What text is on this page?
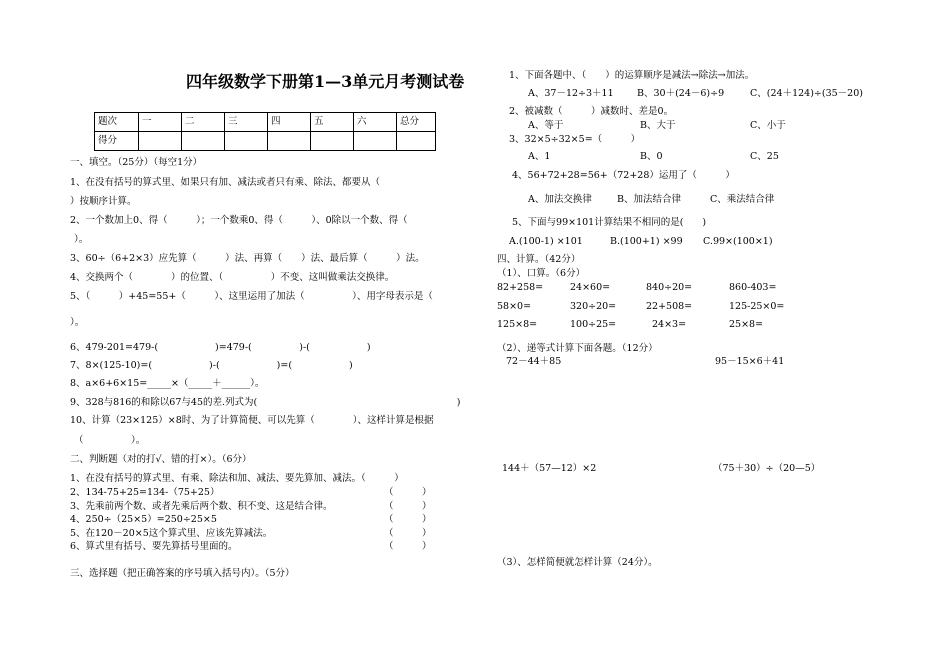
四年级数学下册第1—3单元月考测试卷
题次	一	二	三	四	五	六	总分
得分							
一、填空。（25分）（每空1分）
1、在没有括号的算式里、如果只有加、减法或者只有乘、除法、都要从（
）按顺序计算。
2、一个数加上0、得（　　　）；一个数乘0、得（　　　）、0除以一个数、得（
）。
3、60÷（6+2×3）应先算（　　　）法、再算（　　）法、最后算（　　　）法。
4、交换两个（　　　　）的位置、（　　　　　）不变、这叫做乘法交换律。
5、（　　　）+45=55+（　　　）、这里运用了加法（　　　　　）、用字母表示是（
）。
6、479-201=479-(　　　　　　)=479-(　　　　　)-(　　　　　　)
7、8×(125-10)=(　　　　　　)-(　　　　　　)=(　　　　　　)
8、a×6+6×15=_____×（_____＋______）。
9、328与816的和除以67与45的差.列式为(　　　　　　　　　　　　　　　　　　　　　)
10、计算（23×125）×8时、为了计算简便、可以先算（　　　　）、这样计算是根据
（　　　　　）。
二、判断题（对的打√、错的打×）。（6分）
1、在没有括号的算式里、有乘、除法和加、减法、要先算加、减法。（　　　）
2、134-75+25=134-（75+25）	（　　　）
3、先乘前两个数、或者先乘后两个数、积不变、这是结合律。	（　　　）
4、250÷（25×5）=250÷25×5	（　　　）
5、在120－20×5这个算式里、应该先算减法。	（　　　）
6、算式里有括号、要先算括号里面的。	（　　　）
三、选择题（把正确答案的序号填入括号内）。（5分）
1、下面各题中、（　　）的运算顺序是减法→除法→加法。
A、37－12÷3＋11 B、30＋(24－6)÷9	C、(24＋124)÷(35－20)
2、被减数（　　　）减数时、差是0。
A、等于	B、大于	C、小于
3、32×5÷32×5=（　　　）
A、1	B、0	C、25
4、56+72+28=56+（72+28）运用了（　　　）
A、加法交换律	B、加法结合律	C、乘法结合律
5、下面与99×101计算结果不相同的是(　　)
A.(100-1) ×101	B.(100+1) ×99 C.99×(100×1)
四、计算。（42分）
（1）、口算。（6分）
82+258=	24×60=	840÷20=	860-403=
58×0=	320÷20=	22+508=	125-25×0=
125×8=	100÷25=	24×3=	25×8=
（2）、递等式计算下面各题。（12分）
72－44＋85	95－15×6＋41
144＋（57—12）×2	（75＋30）÷（20—5）
（3）、怎样简便就怎样计算（24分）。
